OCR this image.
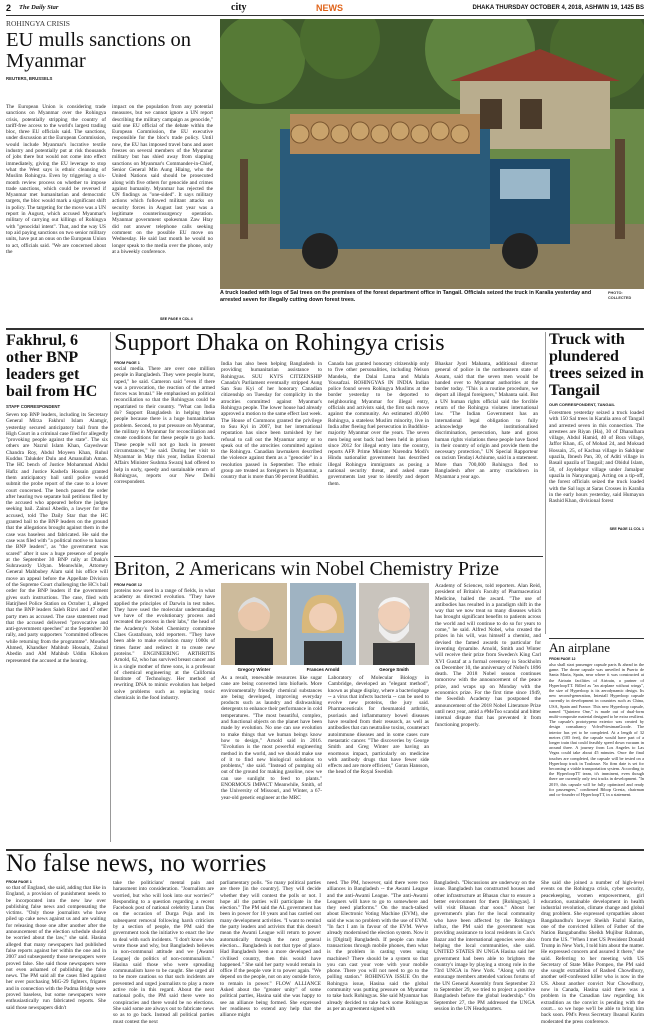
2 The Daily Star	city	NEWS	DHAKA THURSDAY OCTOBER 4, 2018, ASHWIN 19, 1425 BS
ROHINGYA CRISIS
EU mulls sanctions on Myanmar
REUTERS, BRUSSELS
The European Union is considering trade sanctions on Myanmar over the Rohingya crisis, potentially stripping the country of tariff-free access to the world's largest trading bloc, three EU officials said. The sanctions, under discussion at the European Commission, would include Myanmar's lucrative textile industry and potentially put at risk thousands of jobs there but would not come into effect immediately, giving the EU leverage to stop what the West says is ethnic cleansing of Muslim Rohingya. Even by triggering a six-month review process on whether to impose trade sanctions, which could be reversed if Myanmar met humanitarian and democratic targets, the bloc would mark a significant shift in policy. The targeting for the move was a UN report in August, which accused Myanmar's military of carrying out killings of Rohingya with "genocidal intent". That, and the way US top aid paying sanctions on two senior military units, have put an onus on the European Union to act, officials said. "We are concerned about the
impact on the population from any potential measures, but we cannot ignore a UN report describing the military campaign as genocide," said one EU official of the debate within the European Commission, the EU executive responsible for the bloc's trade policy. Until now, the EU has imposed travel bans and asset freezes on several members of the Myanmar military but has shied away from slapping sanctions on Myanmar's Commander-in-Chief, Senior General Min Aung Hlaing, who the United Nations said should be prosecuted along with five others for genocide and crimes against humanity. Myanmar has rejected the UN findings as "one-sided". It says military actions which followed militant attacks on security forces in August last year was a legitimate counterinsurgency operation. Myanmar government spokesman Zaw Htay did not answer telephone calls seeking comment on the possible EU move on Wednesday. He said last month he would no longer speak to the media over the phone, only at a biweekly conference.
SEE PAGE 9 COL 4
A truck loaded with logs of Sal trees on the premises of the forest department office in Tangail. Officials seized the truck in Karalia yesterday and arrested seven for illegally cutting down forest trees.
PHOTO: COLLECTED
Fakhrul, 6 other BNP leaders get bail from HC
STAFF CORRESPONDENT
Seven top BNP leaders, including its Secretary General Mirza Fakhrul Islam Alamgir, yesterday secured anticipatory bail from the High Court in a criminal case filed for allegedly "provoking people against the state". The six others are Nazrul Islam Khan, Gayeshwar Chandra Roy, Abdul Moyeen Khan, Ruhul Kuddus Talukder Dulu and Amanullah Aman. The HC bench of Justice Mohammad Abdul Hafiz and Justice Kashefa Hossain granted them anticipatory bail until police would submit the probe report of the case to a lower court concerned. The bench passed the order after hearing two separate bail petitions filed by the accused who appeared before the judges seeking bail. Zainul Abedin, a lawyer for the accused, told The Daily Star that the HC granted bail to the BNP leaders on the ground that the allegations brought against them in the case was baseless and fabricated. He said the case was filed with "a political motive to harass the BNP leaders", as "the government was scared" after it saw a huge presence of people at the September 30 BNP rally at Dhaka's Suhrawardy Udyan. Meanwhile, Attorney General Mahbubey Alam said his office will move an appeal before the Appellate Division of the Supreme Court challenging the HC's bail order for the BNP leaders if the government gives such instructions. The case, filed with Hatirjheel Police Station on October 1, alleged that the BNP leaders Saleh Rizvi and 47 other party men as accused. The case statement read that the accused delivered "provocative and anti-government speeches" at the September 30 rally, and party supporters "committed offences while returning from the programme". Moudud Ahmed, Khandker Mahbub Hossain, Zainul Abedin and AM Mahbub Uddin Khokon represented the accused at the hearing.
Support Dhaka on Rohingya crisis
FROM PAGE 1
social media. There are over one million people in Bangladesh. They were people burnt, raped," he said. Cameron said "even if there was a provocation, the reaction of the armed forces was brutal." He emphasised on political reconciliation so that the Rohingyas could be repatriated to their country. "What can India do? Support Bangladesh in helping these people because there is a huge humanitarian problem. Second, to put pressure on Myanmar, the military in Myanmar for reconciliation and create conditions for these people to go back. These people will not go back in present circumstances," he said. During her visit to Myanmar in May this year, Indian External Affairs Minister Sushma Swaraj had offered to help in early, speedy and sustainable return of Rohingyas, reports our New Delhi correspondent.
India has also been helping Bangladesh in providing humanitarian assistance to Rohingyas. SUU KYI'S CITIZENSHIP Canada's Parliament eventually stripped Aung San Suu Kyi of her honorary Canadian citizenship on Tuesday for complicity in the atrocities committed against Myanmar's Rohingya people. The lower house had already approved a motion to the same effect last week. The House of Commons granted the privilege to Suu Kyi in 2007, but her international reputation has since been tarnished by her refusal to call out the Myanmar army or to speak out of the atrocities committed against the Rohingya. Canadian lawmakers described the violence against them as a "genocide" in a resolution passed in September. The ethnic group are treated as foreigners in Myanmar, a country that is more than 90 percent Buddhist.
Canada has granted honorary citizenship only to five other personalities, including Nelson Mandela, the Dalai Lama and Malala Yousafzai. ROHINGYAS IN INDIA Indian police found seven Rohingya Muslims at the border yesterday to be deported to neighbouring Myanmar for illegal entry, officials and activists said, the first such move against the community. An estimated 40,000 Rohingya, a stateless Muslim minority, live in India after fleeing fuel persecution in Buddhist-majority Myanmar over the years. The seven men being sent back had been held in prison since 2012 for illegal entry into the country, reports AFP. Prime Minister Narendra Modi's Hindu nationalist government has described illegal Rohingya immigrants as posing a national security threat, and asked state governments last year to identify and deport them.
Bhaskar Jyoti Mahanta, additional director general of police in the northeastern state of Assam, said that the seven men would be handed over to Myanmar authorities at the border today. "This is a routine procedure, we deport all illegal foreigners," Mahanta said. But a UN human rights official said the forcible return of the Rohingya violates international law. "The Indian Government has an international legal obligation to fully acknowledge the institutionalised discrimination, persecution, hate and gross human rights violations these people have faced in their country of origin and provide them the necessary protection," UN Special Rapporteur on racism Tendayi Achiume, said in a statement. More than 700,000 Rohingya fled to Bangladesh after an army crackdown in Myanmar a year ago.
Truck with plundered trees seized in Tangail
OUR CORRESPONDENT, TANGAIL
Forestmen yesterday seized a truck loaded with 150 Sal trees in Karalia area of Tangail and arrested seven in this connection. The arrestees are Riyan (Ha), 30 of Dhanalhara village, Abdul Hamid, 40 of Bora village, Jaffor Khan, 45, of Mohad 24, and Moksad Hossain, 25, of Kachua village in Sakhipur upazila, Ibnesh Pan, 30, of Aditi village in Basail upazila of Tangail; and Obidul Islam, 50, of Joydebpur village under Jamalpur upazila in Narayanganj. Acting on a tip-off, the forest officials seized the truck loaded with the Sal logs at Saras Crosses in Karalia in the early hours yesterday, said Humayun Rashid Khan, divisional forest
SEE PAGE 11 COL 1
Briton, 2 Americans win Nobel Chemistry Prize
FROM PAGE 12
proteins now used in a range of fields, in what academy as directed evolution. "They have applied the principles of Darwin in test tubes. They have used the molecular understanding we have of the evolutionary process and recreated the process in their labs," the head of the Academy's Nobel Chemistry committee Claes Gustafsson, told reporters. "They have been able to make evolution many 1000s of times faster and redirect it to create new proteins." ENGINEERING ARTHRITIS Arnold, 62, who has survived breast cancer and is a single mother of three sons, is a professor of chemical engineering at the California Institute of Technology. Her method of rewriting DNA to mimic evolution has helped solve problems such as replacing toxic chemicals in the food industry.
Gregory Winter	Frances Arnold	George Smith
As a result, renewable resources like sugar cane are being converted into biofuels. More environmentally friendly chemical substances are being developed, improving everyday products such as laundry and dishwashing detergents to enhance their performance in cold temperatures. "The most beautiful, complex, and functional objects on the planet have been made by evolution. No one can use evolution to make things that we human beings know how to design," Arnold said in 2016. "Evolution is the most powerful engineering method in the world, and we should make use of it to find new biological solutions to problems," she said. "Instead of pumping oil out of the ground for making gasoline, now we can use sunlight to feed to plants." ENORMOUS IMPACT Meanwhile, Smith, of the University of Missouri, and Winter, a 67-year-old genetic engineer at the MRC
Laboratory of Molecular Biology in Cambridge, developed an "elegant method", known as phage display, where a bacteriophage -- a virus that infects bacteria -- can be used to evolve new proteins, the jury said. Pharmaceuticals for rheumatoid arthritis, psoriasis and inflammatory bowel diseases have resulted from their research, as well as antibodies that can neutralise toxins, counteract autoimmune diseases and in some cases cure metastatic cancer. "The discoveries by George Smith and Greg Winter are having an enormous impact, particularly on medicine with antibody drugs that have fewer side effects and are more efficient," Goran Hansson, the head of the Royal Swedish
Academy of Sciences, told reporters. Alan Reid, president of Britain's Faculty of Pharmaceutical Medicine, hailed the award. "The use of antibodies has resulted in a paradigm shift in the way that we now treat so many diseases which has brought significant benefits to patients across the world and will continue to do so for years to come," he said. Alfred Nobel, who created the prizes in his will, was himself a chemist, and devised the famed awards to particular for inventing dynamite. Arnold, Smith and Winter will receive their prize from Sweden's King Carl XVI Gustaf at a formal ceremony in Stockholm on December 10, the anniversary of Nobel's 1896 death. The 2018 Nobel season continues tomorrow with the announcement of the peace prize, and wraps up on Monday with the economics prize. For the first time since 1949, the Swedish Academy has postponed the announcement of the 2018 Nobel Literature Prize until next year, amid a #MeToo scandal and bitter internal dispute that has prevented it from functioning properly.
An airplane
FROM PAGE 12
also shall start passenger capsule parts & ahead in the game. The drone capsule was unveiled in Puerto de Santa Maria, Spain, near where it was constructed at the Airtrain facilities of Airtrain, a partner of HyperloopTT. Billed as "an airplane without wings", the size of Hyperloop is its aerodynamic design. Its new second-generation, Intestall Hyperloop capsule currently in development in countries such as China, USA, Spain and France. This new Hyperloop capsule, named "Quintero One," is made out of dual-form multi-composite material designed to be extra resilient. The capsule's prototypeno exterior was created by design consultancy VolvoPriestmanGoode. The interior has yet to be completed. At a length of 32 metres (105 feet), the capsule would have part of a longer train that could feasibly speed down vacuum in around three. A journey from Los Angeles to Las Vegas could take about 45 minutes. Once the final touches are completed, the capsule will be tested on a Hyperloop track in Toulouse. No firm date is set for becoming a viable transportation system. According to the HyperloopTT team, it's imminent, even though there are currently only test tracks in development. "In 2019, this capsule will be fully optimized and ready for passengers," confirmed Bibop Gresta, chairman and co-founder of HyperloopTT, in a statement.
No false news, no worries
FROM PAGE 1
so that of England, she said, adding that like in England, a provision of punishment needs to be incorporated into the new law over publishing false news and compensating the victims. "Only those journalists who have piled up cake news against us and are waiting for releasing those one after another after the announcement of the election schedule should be worried about the law," she said. Hasina alleged that many newspapers had published false reports against her within the one and in 2007 and subsequently those newspapers were proved false. She said those newspapers were not even ashamed of publishing the false news. The PM said all the cases filed against her over purchasing MiG-29 fighters, frigates and in connection with the Padma Bridge were proved baseless, but some newspapers were enthusiastically run fabricated reports. She said those newspapers didn't
take the politicians' mental pain and harassment into consideration. "Journalists are worried, but who will look into our worries?" Responding to a question regarding a recent Facebook post of national celebrity Lutun Das on the occasion of Durga Puja and its subsequent removal following harsh criticism by a section of people, the PM said the government took the initiative to enact the law to deal with such incidents. "I don't know who wrote those and why, but Bangladesh believes in non-communal attitude and we [Awami League] do politics of non-communalism." Hasina said those who were spreading communalism have to be caught. She urged all to be more cautious so that such incidents are prevented and urged journalists to play a more active role in this regard. About the next national polls, the PM said there were no conspiracies and there would be no elections. She said some are always out to fabricate news so as to go back. Instead all political parties must contest the next
parliamentary polls. "So many political parties are there [in the country]. They will decide whether they will contest the polls or not. I hope all the parties will participate in the election." The PM said the AL government has been in power for 10 years and has carried out many development activities. "I want to remind the party leaders and activists that this doesn't mean the Awami League will return to power automatically through the next general election... Bangladesh is not that type of place. Had Bangladesh been a more developed and civilised country, then this would have happened." She said her party would remain in office if the people vote it to power again. "We depend on the people, not on any outside force, to remain in power." FLOW ALLIANCE Asked about the "greater unity" of some political parties, Hasina said she was happy to see an alliance being formed. She expressed her readiness to extend any help that the alliance might
need. The PM, however, said there were two alliances in Bangladesh -- the Awami League and the anti-Awami League. "The anti-Awami Leaguers will have to go to somewhere and they need platforms." On the much-talked about Electronic Voting Machine (EVM), she said she was no problem with the use of EVM. "In fact I am in favour of the EVM. We've already modernised the election system. Now it is [Digital] Bangladesh. If people can make transactions through mobile phones, then what is the problem in casting votes using machines? There should be a system so that you can cast your vote with your mobile phone. There you will not need to go to the polling station." ROHINGYA ISSUE On the Rohingya issue, Hasina said the global community was putting pressure on Myanmar to take back Rohingyas. She said Myanmar has already decided to take back some Rohingyas as per an agreement signed with
Bangladesh. "Discussions are underway on the issue. Bangladesh has constructed houses and other infrastructure at Bhasan char to ensure a better environment for them [Rohingyas]. I will visit Bhasan char soon." About her government's plan for the local community who have been affected by the Rohingya influx, the PM said the government was providing assistance to local residents in Cox's Bazar and the international agencies were also helping the local communities, she said. UNITED STATES IN UNGA Hasina said her government had been able to brighten the country's image by playing a strong role in the 73rd UNGA in New York. "Along with my entourage members attended various forums of the UN General Assembly from September 23 to September 29, we tried to project a positive Bangladesh before the global leadership." On September 27, the PM addressed the UNGA session in the UN Headquarters.
She said she joined a number of high-level events on the Rohingya crisis, cyber security, peacekeeping, women empowerment, girl education, sustainable development in health industrial revolution, climate change and global drug problem. She expressed sympathies about Bangabandhu's lawyer Sheikh Fazlul Karim, one of the convicted killers of Father of the Nation Bangabandhu Sheikh Mujibur Rahman, from the US. "When I met US President Donald Trump in New York, I told him about the matter. He expressed concern and assured it there," she said. Referring to her meeting with US Secretary of State Mike Pompeo, the PM said she sought extradition of Rashed Chowdhury, another self-confessed killer who is now in the US. About another convict Nur Chowdhury, now in Canada, Hasina said there was a problem in the Canadian law regarding his extradition as the convict is pending with the court... so we hope we'll be able to bring him back soon. PM's Press Secretary Ihsanul Karim moderated the press conference.
